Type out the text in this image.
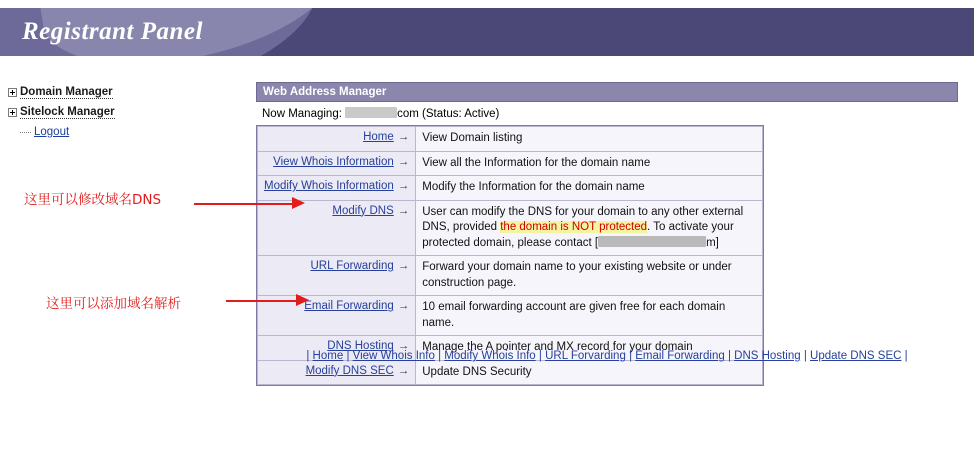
Registrant Panel
Domain Manager
Sitelock Manager
Logout
Web Address Manager
Now Managing:	com (Status: Active)
Home →	View Domain listing
View Whois Information →	View all the Information for the domain name
Modify Whois Information →	Modify the Information for the domain name
Modify DNS →	User can modify the DNS for your domain to any other external DNS, provided the domain is NOT protected. To activate your protected domain, please contact [ m]
URL Forwarding →	Forward your domain name to your existing website or under construction page.
Email Forwarding →	10 email forwarding account are given free for each domain name.
DNS Hosting →	Manage the A pointer and MX record for your domain
Modify DNS SEC →	Update DNS Security
| Home | View Whois Info | Modify Whois Info | URL Forvarding | Email Forwarding | DNS Hosting | Update DNS SEC |
这里可以修改域名DNS
这里可以添加域名解析
